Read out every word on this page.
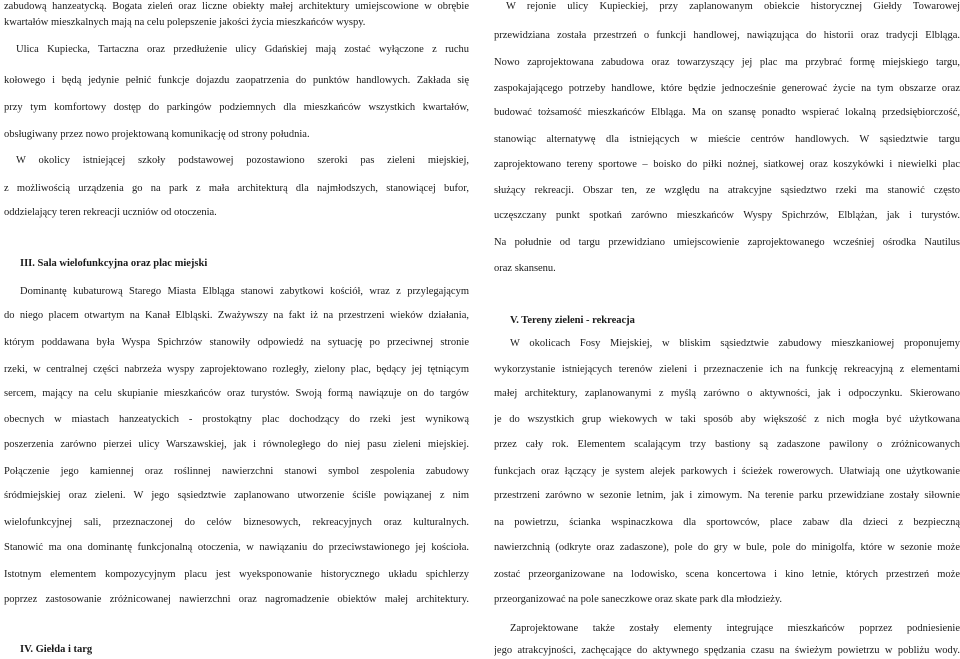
zabudową hanzeatycką. Bogata zieleń oraz liczne obiekty małej architektury umiejscowione w obrębie
kwartałów mieszkalnych mają na celu polepszenie jakości życia mieszkańców wyspy.
Ulica Kupiecka, Tartaczna oraz przedłużenie ulicy Gdańskiej mają zostać wyłączone z ruchu
kołowego i będą jedynie pełnić funkcje dojazdu zaopatrzenia do punktów handlowych. Zakłada się
przy tym komfortowy dostęp do parkingów podziemnych dla mieszkańców wszystkich kwartałów,
obsługiwany przez nowo projektowaną komunikację od strony południa.
W okolicy istniejącej szkoły podstawowej pozostawiono szeroki pas zieleni miejskiej,
z możliwością urządzenia go na park z mała architekturą dla najmłodszych, stanowiącej bufor,
oddzielający teren rekreacji uczniów od otoczenia.
III. Sala wielofunkcyjna oraz plac miejski
Dominantę kubaturową Starego Miasta Elbląga stanowi zabytkowi kościół, wraz z przylegającym
do niego placem otwartym na Kanał Elbląski. Zważywszy na fakt iż na przestrzeni wieków działania,
którym poddawana była Wyspa Spichrzów stanowiły odpowiedź na sytuację po przeciwnej stronie
rzeki, w centralnej części nabrzeża wyspy zaprojektowano rozległy, zielony plac, będący jej tętniącym
sercem, mający na celu skupianie mieszkańców oraz turystów. Swoją formą nawiązuje on do targów
obecnych w miastach hanzeatyckich - prostokątny plac dochodzący do rzeki jest wynikową
poszerzenia zarówno pierzei ulicy Warszawskiej, jak i równoległego do niej pasu zieleni miejskiej.
Połączenie jego kamiennej oraz roślinnej nawierzchni stanowi symbol zespolenia zabudowy
śródmiejskiej oraz zieleni. W jego sąsiedztwie zaplanowano utworzenie ściśle powiązanej z nim
wielofunkcyjnej sali, przeznaczonej do celów biznesowych, rekreacyjnych oraz kulturalnych.
Stanowić ma ona dominantę funkcjonalną otoczenia, w nawiązaniu do przeciwstawionego jej kościoła.
Istotnym elementem kompozycyjnym placu jest wyeksponowanie historycznego układu spichlerzy
poprzez zastosowanie zróżnicowanej nawierzchni oraz nagromadzenie obiektów małej architektury.
IV. Giełda i targ
W rejonie ulicy Kupieckiej, przy zaplanowanym obiekcie historycznej Giełdy Towarowej
przewidziana została przestrzeń o funkcji handlowej, nawiązująca do historii oraz tradycji Elbląga.
Nowo zaprojektowana zabudowa oraz towarzyszący jej plac ma przybrać formę miejskiego targu,
zaspokajającego potrzeby handlowe, które będzie jednocześnie generować życie na tym obszarze oraz
budować tożsamość mieszkańców Elbląga. Ma on szansę ponadto wspierać lokalną przedsiębiorczość,
stanowiąc alternatywę dla istniejących w mieście centrów handlowych. W sąsiedztwie targu
zaprojektowano tereny sportowe – boisko do piłki nożnej, siatkowej oraz koszykówki i niewielki plac
służący rekreacji. Obszar ten, ze względu na atrakcyjne sąsiedztwo rzeki ma stanowić często
uczęszczany punkt spotkań zarówno mieszkańców Wyspy Spichrzów, Elblążan, jak i turystów.
Na południe od targu przewidziano umiejscowienie zaprojektowanego wcześniej ośrodka Nautilus
oraz skansenu.
V. Tereny zieleni - rekreacja
W okolicach Fosy Miejskiej, w bliskim sąsiedztwie zabudowy mieszkaniowej proponujemy
wykorzystanie istniejących terenów zieleni i przeznaczenie ich na funkcję rekreacyjną z elementami
małej architektury, zaplanowanymi z myślą zarówno o aktywności, jak i odpoczynku. Skierowano
je do wszystkich grup wiekowych w taki sposób aby większość z nich mogła być użytkowana
przez cały rok. Elementem scalającym trzy bastiony są zadaszone pawilony o zróżnicowanych
funkcjach oraz łączący je system alejek parkowych i ścieżek rowerowych. Ułatwiają one użytkowanie
przestrzeni zarówno w sezonie letnim, jak i zimowym. Na terenie parku przewidziane zostały siłownie
na powietrzu, ścianka wspinaczkowa dla sportowców, place zabaw dla dzieci z bezpieczną
nawierzchnią (odkryte oraz zadaszone), pole do gry w bule, pole do minigolfa, które w sezonie może
zostać przeorganizowane na lodowisko, scena koncertowa i kino letnie, których przestrzeń może
przeorganizować na pole saneczkowe oraz skate park dla młodzieży.
Zaprojektowane także zostały elementy integrujące mieszkańców poprzez podniesienie
jego atrakcyjności, zachęcające do aktywnego spędzania czasu na świeżym powietrzu w pobliżu wody.
